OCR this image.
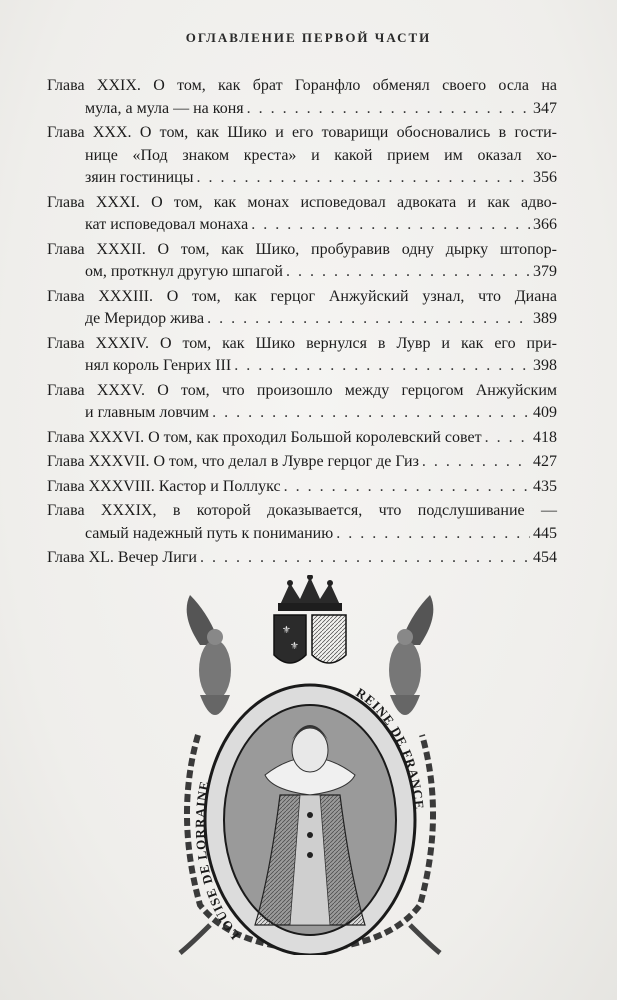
ОГЛАВЛЕНИЕ ПЕРВОЙ ЧАСТИ
Глава XXIX. О том, как брат Горанфло обменял своего осла на
мула, а мула — на коня . . .	347
Глава XXX. О том, как Шико и его товарищи обосновались в гости-
нице «Под знаком креста» и какой прием им оказал хо-
зяин гостиницы . . .	356
Глава XXXI. О том, как монах исповедовал адвоката и как адво-
кат исповедовал монаха . . .	366
Глава XXXII. О том, как Шико, пробуравив одну дырку штопор-
ом, проткнул другую шпагой . . .	379
Глава XXXIII. О том, как герцог Анжуйский узнал, что Диана
де Меридор жива . . .	389
Глава XXXIV. О том, как Шико вернулся в Лувр и как его при-
нял король Генрих III . . .	398
Глава XXXV. О том, что произошло между герцогом Анжуйским
и главным ловчим . . .	409
Глава XXXVI. О том, как проходил Большой королевский совет . . .	418
Глава XXXVII. О том, что делал в Лувре герцог де Гиз . . .	427
Глава XXXVIII. Кастор и Поллукс . . .	435
Глава XXXIX, в которой доказывается, что подслушивание —
самый надежный путь к пониманию . . .	445
Глава XL. Вечер Лиги . . .	454
⚜
⚜
LOUISE DE LORRAINE
REINE DE FRANCE
